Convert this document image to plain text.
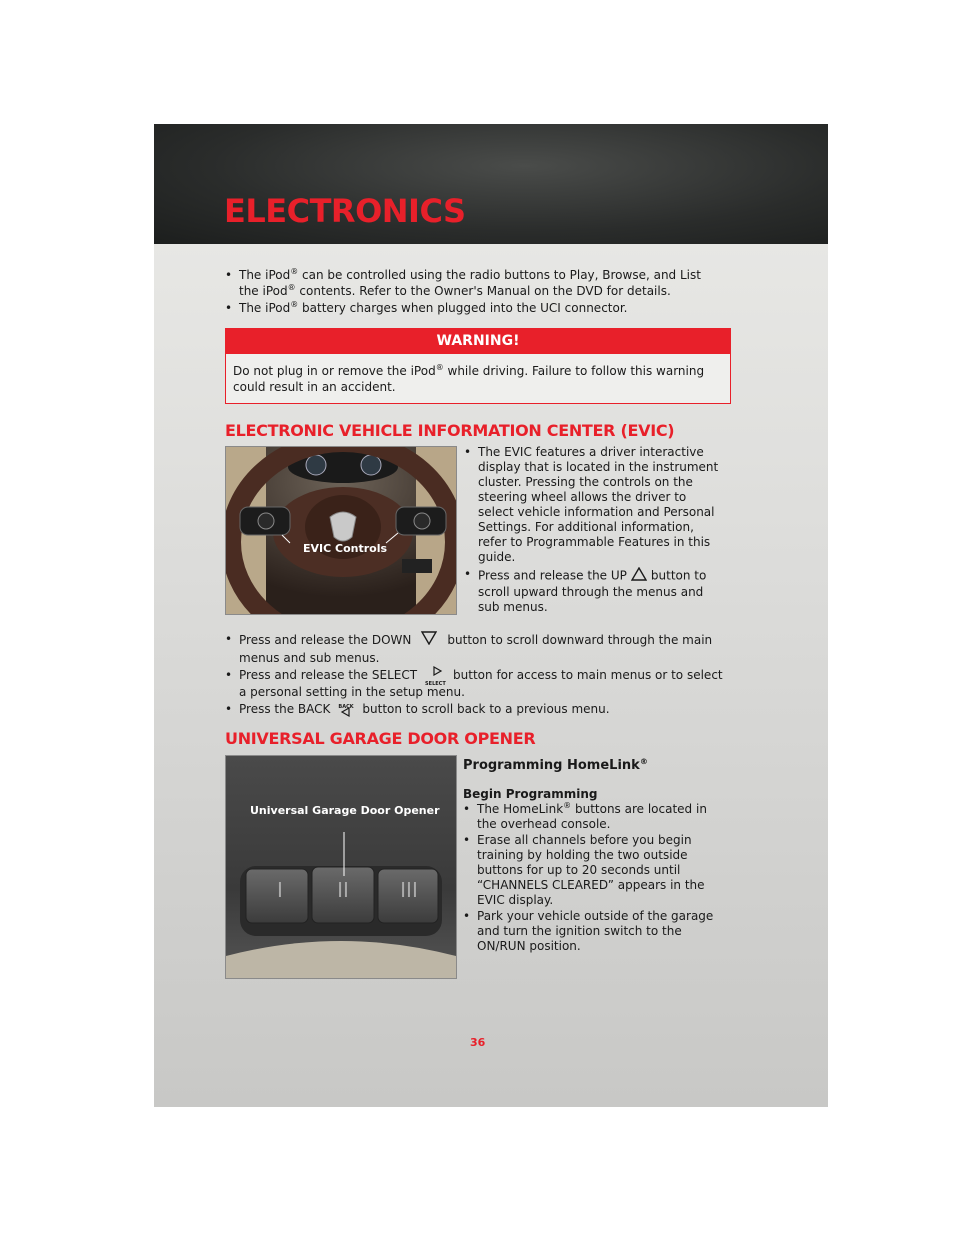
ELECTRONICS
• The iPod® can be controlled using the radio buttons to Play, Browse, and List the iPod® contents. Refer to the Owner's Manual on the DVD for details.
• The iPod® battery charges when plugged into the UCI connector.
WARNING!
Do not plug in or remove the iPod® while driving. Failure to follow this warning could result in an accident.
ELECTRONIC VEHICLE INFORMATION CENTER (EVIC)
EVIC Controls
• The EVIC features a driver interactive display that is located in the instrument cluster. Pressing the controls on the steering wheel allows the driver to select vehicle information and Personal Settings. For additional information, refer to Programmable Features in this guide.
• Press and release the UP button to scroll upward through the menus and sub menus.
• Press and release the DOWN	button to scroll downward through the main menus and sub menus.
• Press and release the SELECT
SELECT
button for access to main menus or to select a personal setting in the setup menu.
• Press the BACK BACK button to scroll back to a previous menu.
UNIVERSAL GARAGE DOOR OPENER
Universal Garage Door Opener
I	II	III
Programming HomeLink®
Begin Programming
• The HomeLink® buttons are located in the overhead console.
• Erase all channels before you begin training by holding the two outside buttons for up to 20 seconds until “CHANNELS CLEARED” appears in the EVIC display.
• Park your vehicle outside of the garage and turn the ignition switch to the ON/RUN position.
36
